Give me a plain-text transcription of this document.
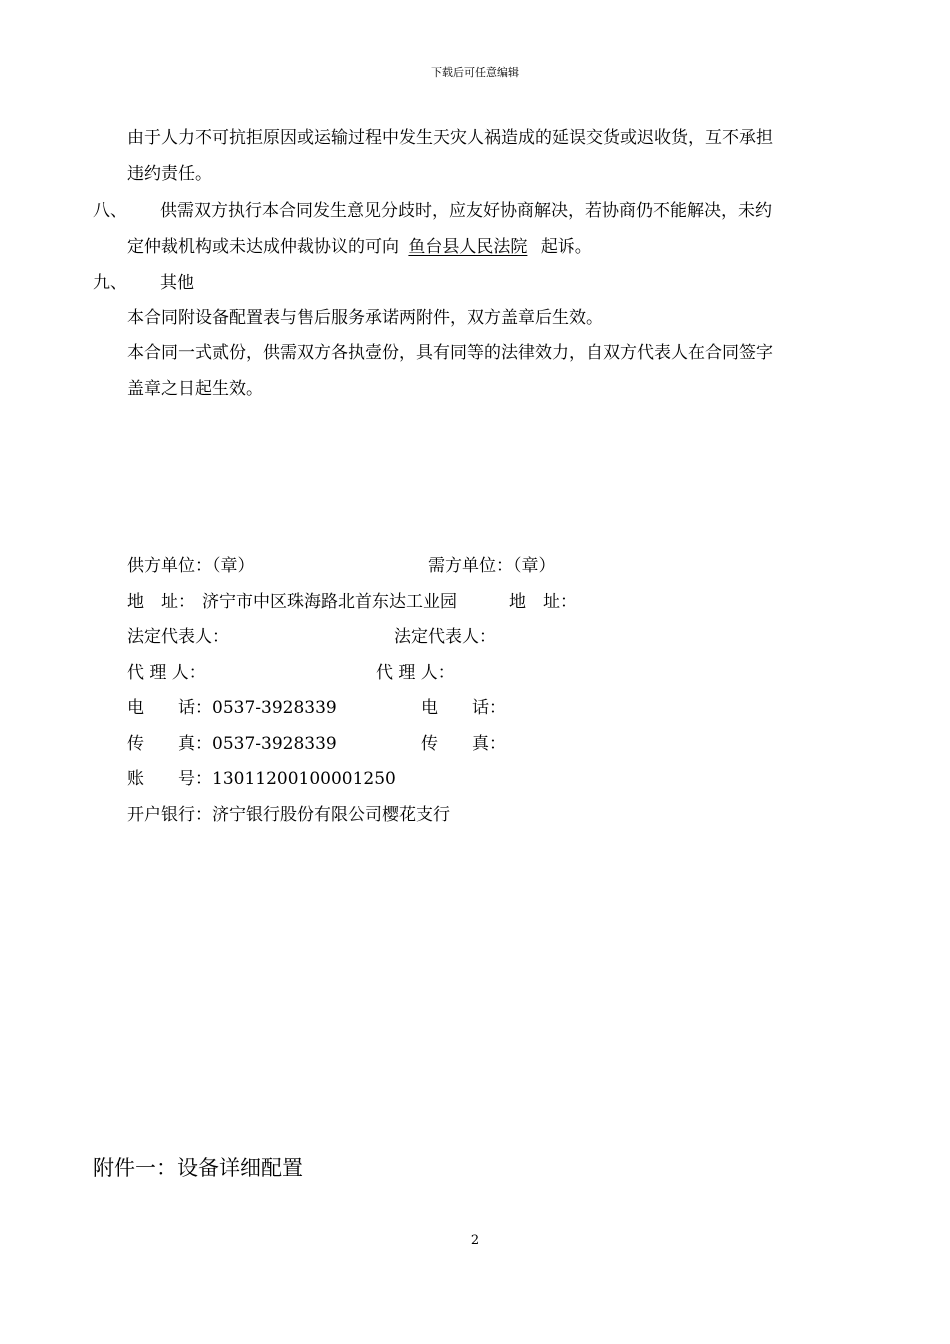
下载后可任意编辑
由于人力不可抗拒原因或运输过程中发生天灾人祸造成的延误交货或迟收货，互不承担
违约责任。
八、 供需双方执行本合同发生意见分歧时，应友好协商解决，若协商仍不能解决，未约
定仲裁机构或未达成仲裁协议的可向 鱼台县人民法院 起诉。
九、 其他
本合同附设备配置表与售后服务承诺两附件，双方盖章后生效。
本合同一式贰份，供需双方各执壹份，具有同等的法律效力，自双方代表人在合同签字
盖章之日起生效。
供方单位：（章）	需方单位：（章）
地　址： 济宁市中区珠海路北首东达工业园	地　址：
法定代表人：	法定代表人：
代 理 人：	代 理 人：
电　　话： 0537-3928339	电　　话：
传　　真： 0537-3928339	传　　真：
账　　号： 13011200100001250
开户银行： 济宁银行股份有限公司樱花支行
附件一：设备详细配置
2
